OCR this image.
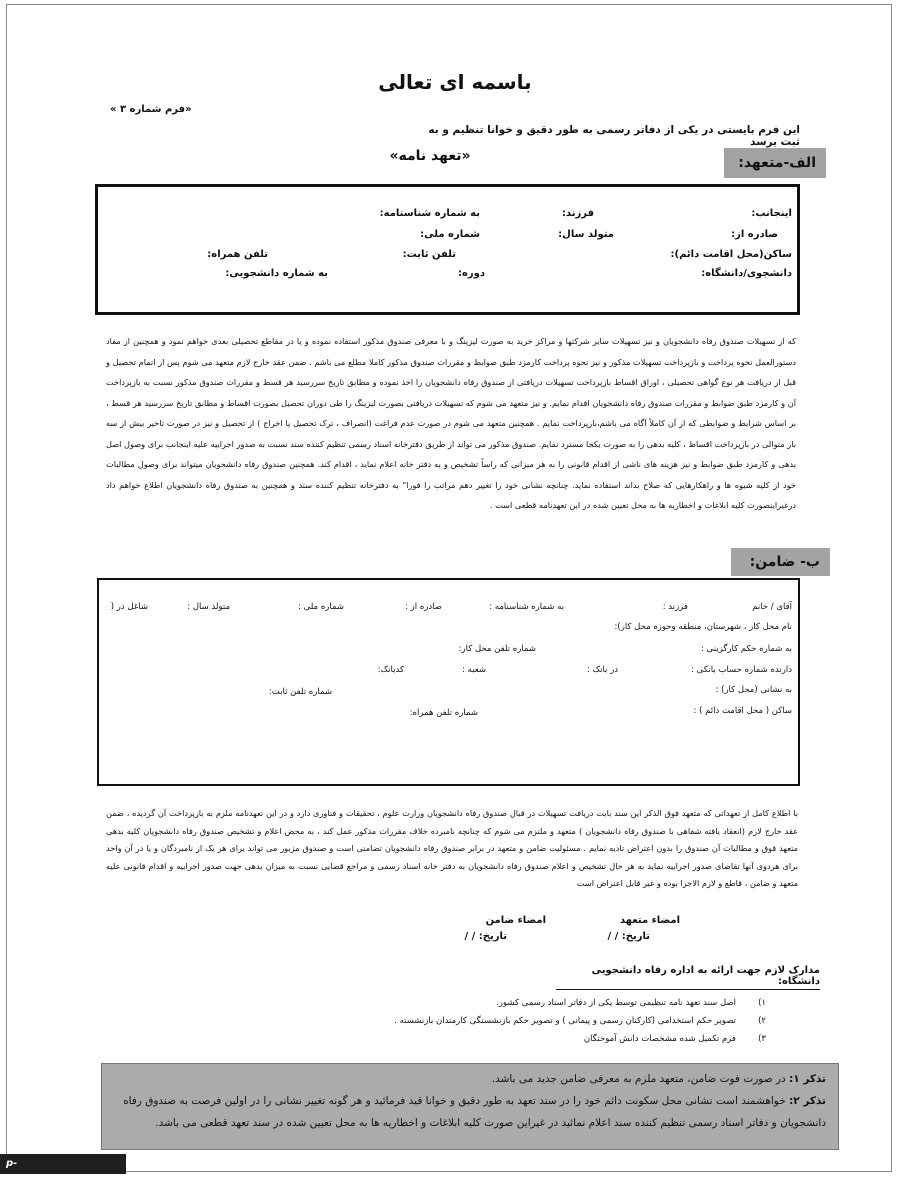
باسمه ای تعالی
«فرم شماره ۳ »
این فرم بایستی در یکی از دفاتر رسمی به طور دقیق و خوانا تنظیم و به ثبت برسد
«تعهد نامه»	الف-متعهد:
اینجانب:
فرزند:
به شماره شناسنامه:
صادره از:
متولد سال:
شماره ملی:
ساکن(محل اقامت دائم):
تلفن ثابت:
تلفن همراه:
دانشجوی/دانشگاه:
دوره:
به شماره دانشجویی:
که از تسهیلات صندوق رفاه دانشجویان و نیز تسهیلات سایر شرکتها و مراکز خرید به صورت لیزینگ و با معرفی صندوق مذکور استفاده نموده و یا در مقاطع تحصیلی بعدی خواهم نمود و همچنین از مفاد دستورالعمل نحوه پرداخت و بازپرداخت تسهیلات مذکور و نیز نحوه پرداخت کارمزد طبق ضوابط و مقررات صندوق مذکور کاملا مطلع می باشم . ضمن عقد خارج لازم متعهد می شوم پس از اتمام تحصیل و قبل از دریافت هر نوع گواهی تحصیلی ، اوراق اقساط بازپرداخت تسهیلات دریافتی از صندوق رفاه دانشجویان را اخذ نموده و مطابق تاریخ سررسید هر قسط و مقررات صندوق مذکور نسبت به بازپرداخت آن و کارمزد طبق ضوابط و مقررات صندوق رفاه دانشجویان اقدام نمایم. و نیز متعهد می شوم که تسهیلات دریافتی بصورت لیزینگ را طی دوران تحصیل بصورت اقساط و مطابق تاریخ سررسید هر قسط ، بر اساس شرایط و ضوابطی که از آن کاملاً آگاه می باشم،بازپرداخت نمایم . همچنین متعهد می شوم در صورت عدم فراغت (انصراف ، ترک تحصیل یا اخراج ) از تحصیل و نیز در صورت تاخیر بیش از سه بار متوالی در بازپرداخت اقساط ، کلیه بدهی را به صورت یکجا مسترد نمایم. صندوق مذکور می تواند از طریق دفترخانه اسناد رسمی تنظیم کننده سند نسبت به صدور اجراییه علیه اینجانب برای وصول اصل بدهی و کارمزد طبق ضوابط و نیز هزینه های ناشی از اقدام قانونی را به هر میزانی که راساً تشخیص و به دفتر خانه اعلام نماید ، اقدام کند. همچنین صندوق رفاه دانشجویان میتواند برای وصول مطالبات خود از کلیه شیوه ها و راهکارهایی که صلاح بداند استفاده نماید. چنانچه نشانی خود را تغییر دهم مراتب را فورا" به دفترخانه تنظیم کننده سند و همچنین به صندوق رفاه دانشجویان اطلاع خواهم داد درغیراینصورت کلیه ابلاغات و اخطاریه ها به محل تعیین شده در این تعهدنامه قطعی است .
ب- ضامن:
آقای / خانم
فرزند :
به شماره شناسنامه :
صادره از :
شماره ملی :
متولد سال :
شاغل در (
نام محل کار ، شهرستان، منطقه وحوزه محل کار):
به شماره حکم کارگزینی :
شماره تلفن محل کار:
دارنده شماره حساب بانکی :
در بانک :
شعبه :
کدبانک:
به نشانی (محل کار) :
شماره تلفن ثابت:
ساکن ( محل اقامت دائم ) :
شماره تلفن همراه:
با اطلاع کامل از تعهداتی که متعهد فوق الذکر این سند بابت دریافت تسهیلات در قبال صندوق رفاه دانشجویان وزارت علوم ، تحقیقات و فناوری دارد و در این تعهدنامه ملزم به بازپرداخت آن گردیده ، ضمن عقد خارج لازم (انعقاد یافته شفاهی با صندوق رفاه دانشجویان ) متعهد و ملتزم می شوم که چنانچه نامبرده خلاف مقررات مذکور عمل کند ، به محض اعلام و تشخیص صندوق رفاه دانشجویان کلیه بدهی متعهد فوق و مطالبات آن صندوق را بدون اعتراض تادیه نمایم . مسئولیت ضامن و متعهد در برابر صندوق رفاه دانشجویان تضامنی است و صندوق مزبور می تواند برای هر یک از نامبردگان و یا در آن واحد برای هردوی آنها تقاضای صدور اجراییه نماید به هر حال تشخیص و اعلام صندوق رفاه دانشجویان به دفتر خانه اسناد رسمی و مراجع قضایی نسبت به میزان بدهی جهت صدور اجراییه و اقدام قانونی علیه متعهد و ضامن ، قاطع و لازم الاجرا بوده و غیر قابل اعتراض است
امضاء متعهد
امضاء ضامن
تاریخ: / /
تاریخ: / /
مدارک لازم جهت ارائه به اداره رفاه دانشجویی دانشگاه:
١)
اصل سند تعهد نامه تنظیمی توسط یکی از دفاتر اسناد رسمی کشور.
٢)
تصویر حکم استخدامی (کارکنان رسمی و پیمانی ) و تصویر حکم بازنشستگی کارمندان بازنشسته .
٣)
فرم تکمیل شده مشخصات دانش آموختگان
تذکر ۱: در صورت فوت ضامن، متعهد ملزم به معرفی ضامن جدید می باشد.
تذکر ۲: خواهشمند است نشانی محل سکونت دائم خود را در سند تعهد به طور دقیق و خوانا قید فرمائید و هر گونه تغییر نشانی را در اولین فرصت به صندوق رفاه
دانشجویان و دفاتر اسناد رسمی تنظیم کننده سند اعلام نمائید در غیراین صورت کلیه ابلاغات و اخطاریه ها به محل تعیین شده در سند تعهد قطعی می باشد.
p-marvdasht.nus.ac.ir
